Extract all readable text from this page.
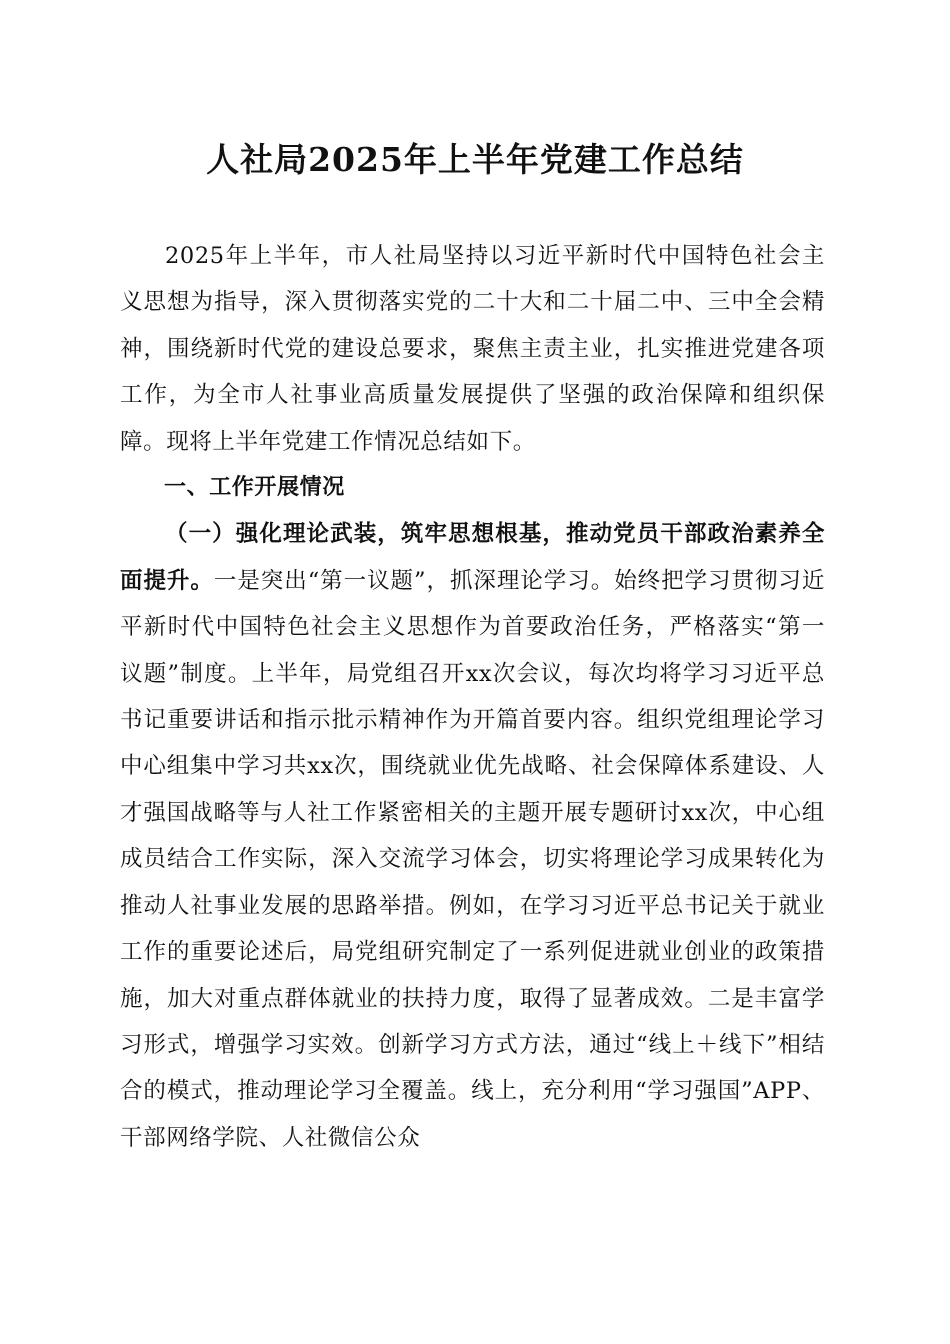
人社局2025年上半年党建工作总结

2025年上半年，市人社局坚持以习近平新时代中国特色社会主义思想为指导，深入贯彻落实党的二十大和二十届二中、三中全会精神，围绕新时代党的建设总要求，聚焦主责主业，扎实推进党建各项工作，为全市人社事业高质量发展提供了坚强的政治保障和组织保障。现将上半年党建工作情况总结如下。

一、工作开展情况

（一）强化理论武装，筑牢思想根基，推动党员干部政治素养全面提升。一是突出“第一议题”，抓深理论学习。始终把学习贯彻习近平新时代中国特色社会主义思想作为首要政治任务，严格落实“第一议题”制度。上半年，局党组召开xx次会议，每次均将学习习近平总书记重要讲话和指示批示精神作为开篇首要内容。组织党组理论学习中心组集中学习共xx次，围绕就业优先战略、社会保障体系建设、人才强国战略等与人社工作紧密相关的主题开展专题研讨xx次，中心组成员结合工作实际，深入交流学习体会，切实将理论学习成果转化为推动人社事业发展的思路举措。例如，在学习习近平总书记关于就业工作的重要论述后，局党组研究制定了一系列促进就业创业的政策措施，加大对重点群体就业的扶持力度，取得了显著成效。二是丰富学习形式，增强学习实效。创新学习方式方法，通过“线上＋线下”相结合的模式，推动理论学习全覆盖。线上，充分利用“学习强国”APP、干部网络学院、人社微信公众
